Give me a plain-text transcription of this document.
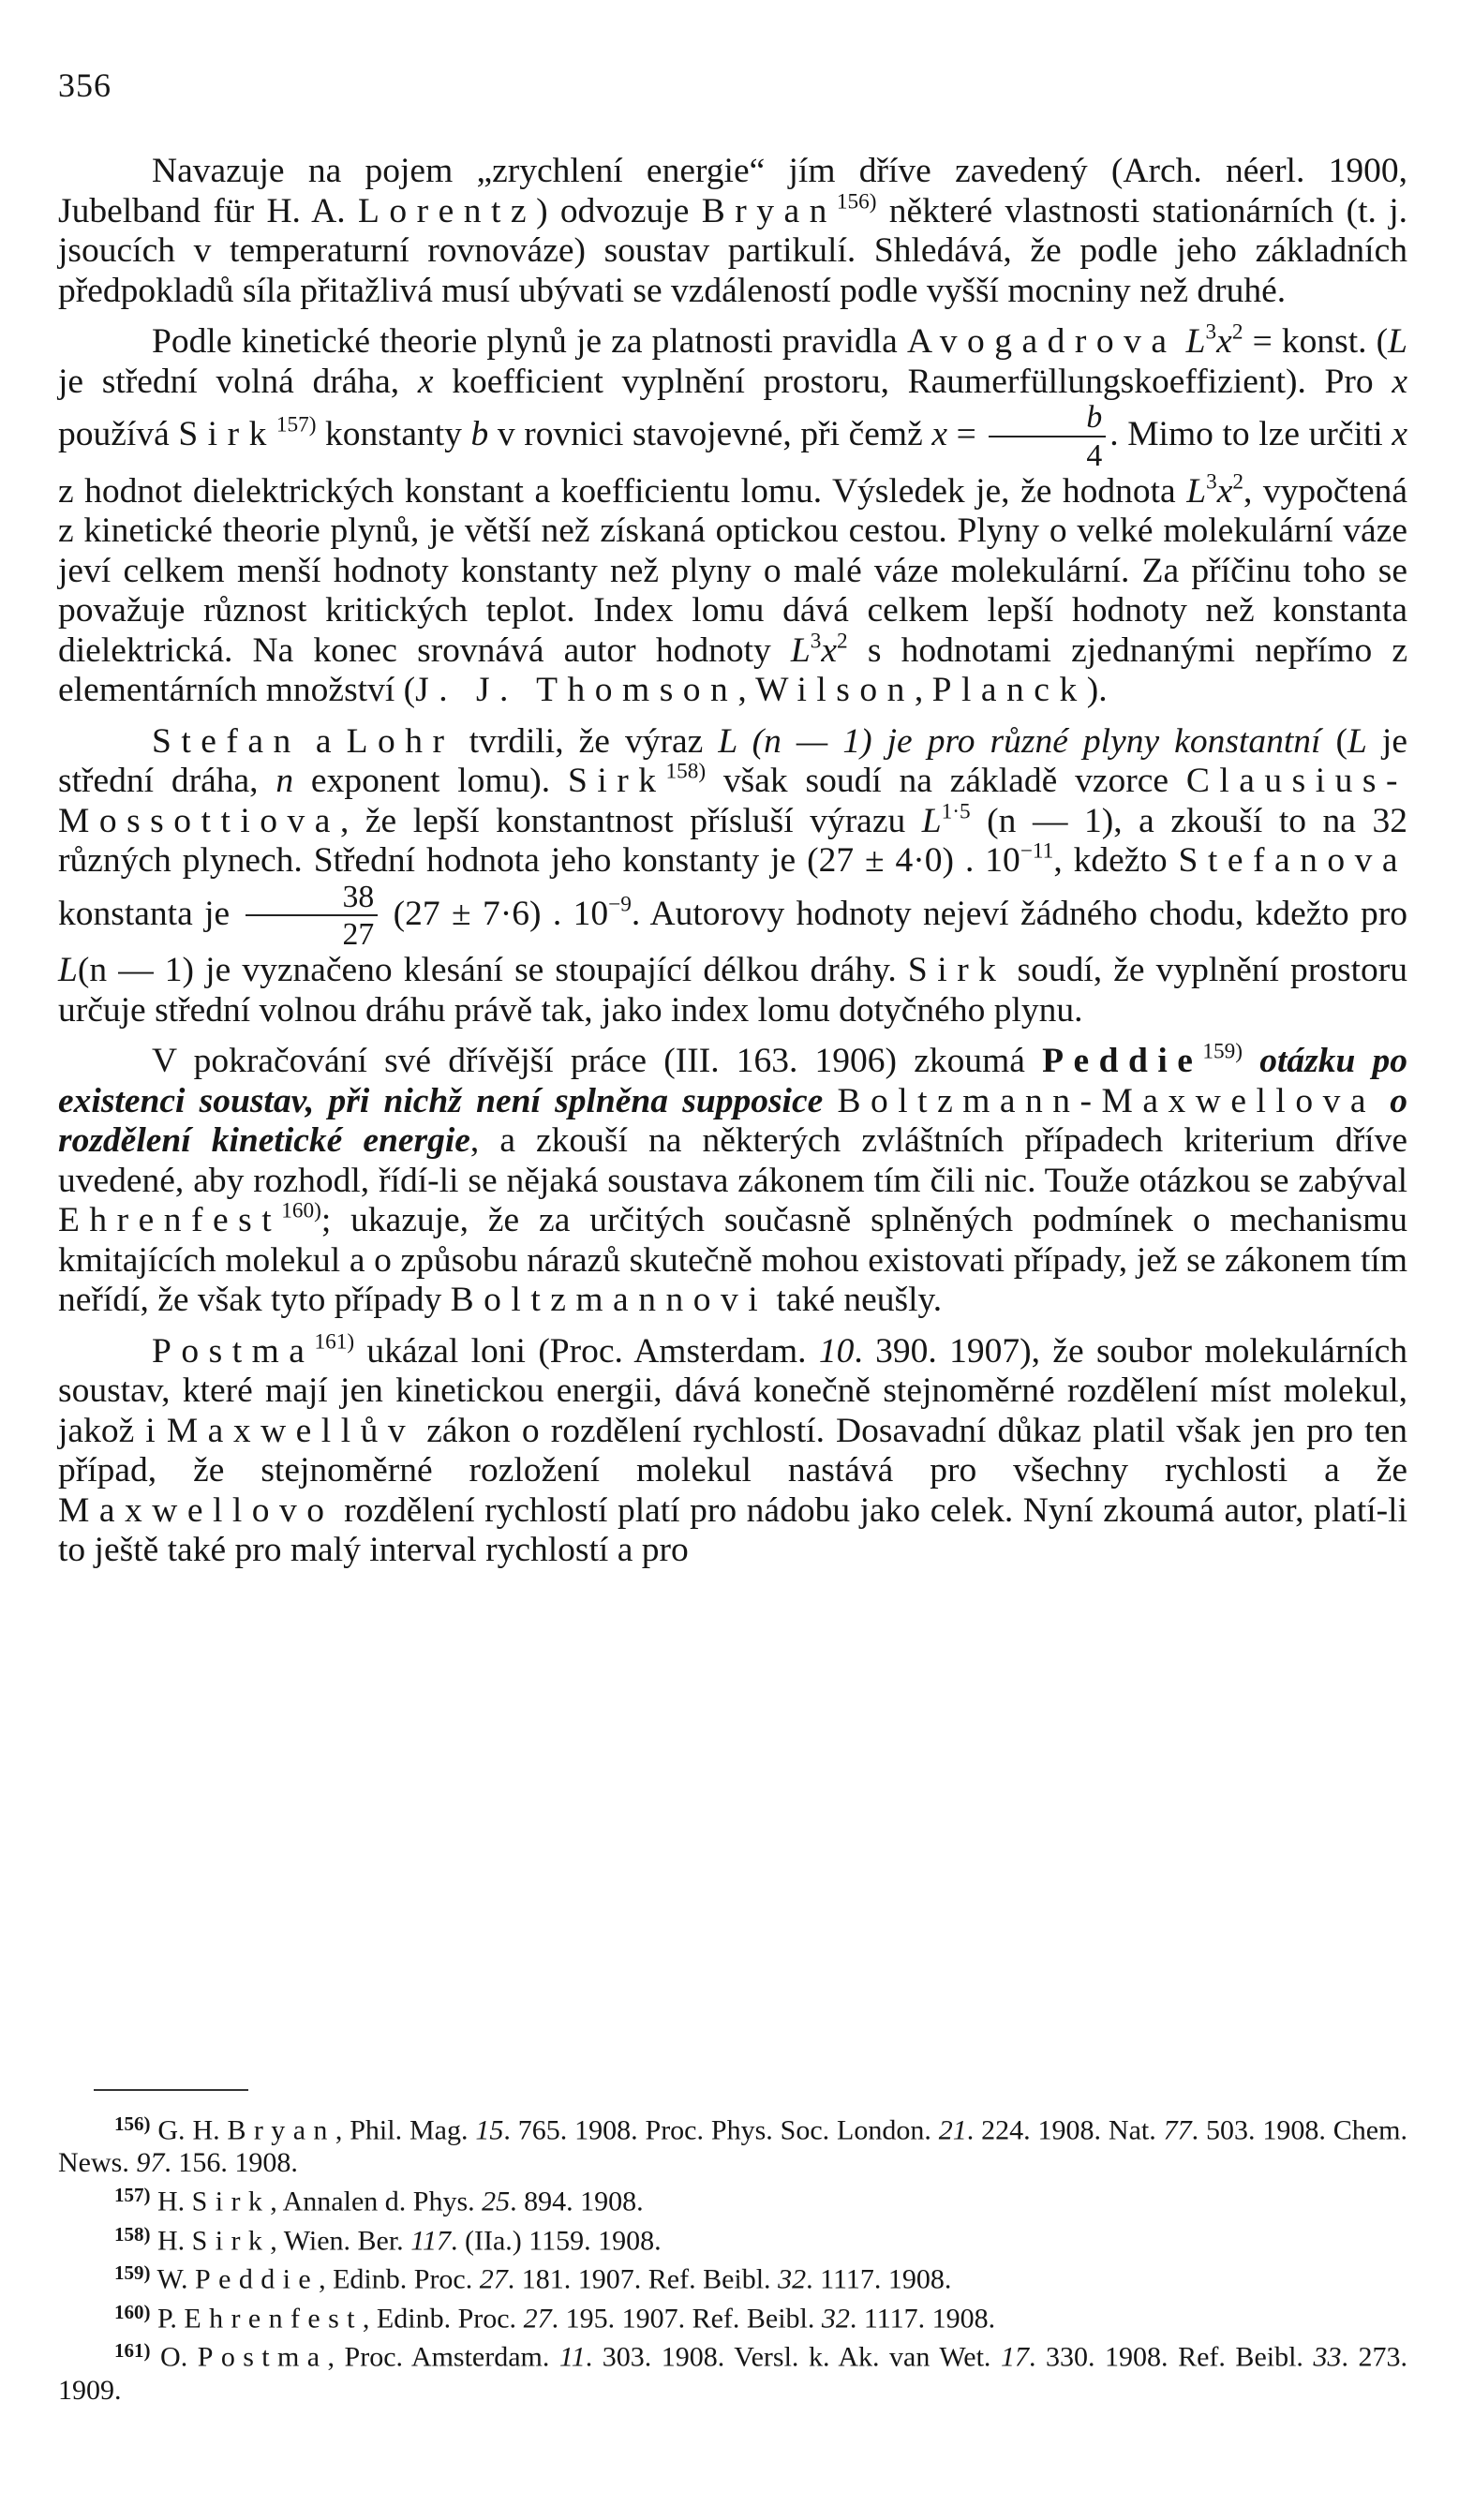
356

Navazuje na pojem „zrychlení energie“ jím dříve zavedený (Arch. néerl. 1900, Jubelband für H. A. Lorentz) odvozuje Bryan$^{156)}$ některé vlastnosti stationárních (t. j. jsoucích v temperaturní rovnováze) soustav partikulí. Shledává, že podle jeho základních předpokladů síla přitažlivá musí ubývati se vzdáleností podle vyšší mocniny než druhé.

Podle kinetické theorie plynů je za platnosti pravidla Avogadrova $L^3x^2$ = konst. (L je střední volná dráha, x koefficient vyplnění prostoru, Raumerfüllungskoeffizient). Pro x používá Sirk$^{157)}$ konstanty b v rovnici stavojevné, při čemž $x = \frac{b}{4}$ . Mimo to lze určiti x z hodnot dielektrických konstant a koefficientu lomu. Výsledek je, že hodnota $L^3x^2$, vypočtená z kinetické theorie plynů, je větší než získaná optickou cestou. Plyny o velké molekulární váze jeví celkem menší hodnoty konstanty než plyny o malé váze molekulární. Za příčinu toho se považuje různost kritických teplot. Index lomu dává celkem lepší hodnoty než konstanta dielektrická. Na konec srovnává autor hodnoty $L^3x^2$ s hodnotami zjednanými nepřímo z elementárních množství (J. J. Thomson, Wilson, Planck).

Stefan a Lohr tvrdili, že výraz L (n — 1) je pro různé plyny konstantní (L je střední dráha, n exponent lomu). Sirk$^{158)}$ však soudí na základě vzorce Clausius-Mossottiova, že lepší konstantnost přísluší výrazu $L^{1\cdot 5}$ (n — 1), a zkouší to na 32 různých plynech. Střední hodnota jeho konstanty je (27 ± 4·0) . $10^{-11}$, kdežto Stefanova konstanta je $\frac{38}{27} (27 \pm 7\cdot 6)$ . $10^{-9}$. Autorovy hodnoty nejeví žádného chodu, kdežto pro L(n — 1) je vyznačeno klesání se stoupající délkou dráhy. Sirk soudí, že vyplnění prostoru určuje střední volnou dráhu právě tak, jako index lomu dotyčného plynu.

V pokračování své dřívější práce (III. 163. 1906) zkoumá Peddie$^{159)}$ otázku po existenci soustav, při nichž není splněna supposice Boltzmann-Maxwellova o rozdělení kinetické energie, a zkouší na některých zvláštních případech kriterium dříve uvedené, aby rozhodl, řídí-li se nějaká soustava zákonem tím čili nic. Touže otázkou se zabýval Ehrenfest$^{160)}$; ukazuje, že za určitých současně splněných podmínek o mechanismu kmitajících molekul a o způsobu nárazů skutečně mohou existovati případy, jež se zákonem tím neřídí, že však tyto případy Boltzmannovi také neušly.

Postma$^{161)}$ ukázal loni (Proc. Amsterdam. 10. 390. 1907), že soubor molekulárních soustav, které mají jen kinetickou energii, dává konečně stejnoměrné rozdělení míst molekul, jakož i Maxwellův zákon o rozdělení rychlostí. Dosavadní důkaz platil však jen pro ten případ, že stejnoměrné rozložení molekul nastává pro všechny rychlosti a že Maxwellovo rozdělení rychlostí platí pro nádobu jako celek. Nyní zkoumá autor, platí-li to ještě také pro malý interval rychlostí a pro

$^{156)}$ G. H. Bryan, Phil. Mag. 15. 765. 1908. Proc. Phys. Soc. London. 21. 224. 1908. Nat. 77. 503. 1908. Chem. News. 97. 156. 1908.

$^{157)}$ H. Sirk, Annalen d. Phys. 25. 894. 1908.

$^{158)}$ H. Sirk, Wien. Ber. 117. (IIa.) 1159. 1908.

$^{159)}$ W. Peddie, Edinb. Proc. 27. 181. 1907. Ref. Beibl. 32. 1117. 1908.

$^{160)}$ P. Ehrenfest, Edinb. Proc. 27. 195. 1907. Ref. Beibl. 32. 1117. 1908.

$^{161)}$ O. Postma, Proc. Amsterdam. 11. 303. 1908. Versl. k. Ak. van Wet. 17. 330. 1908. Ref. Beibl. 33. 273. 1909.
